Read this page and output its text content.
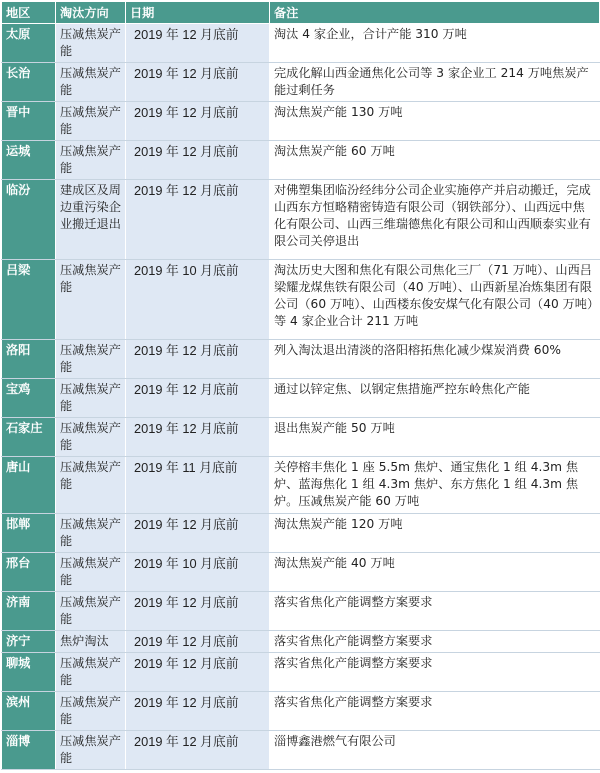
地区	淘汰方向	日期	备注
太原	压减焦炭产能	2019 年 12 月底前	淘汰 4 家企业，合计产能 310 万吨
长治	压减焦炭产能	2019 年 12 月底前	完成化解山西金通焦化公司等 3 家企业工 214 万吨焦炭产能过剩任务
晋中	压减焦炭产能	2019 年 12 月底前	淘汰焦炭产能 130 万吨
运城	压减焦炭产能	2019 年 12 月底前	淘汰焦炭产能 60 万吨
临汾	建成区及周边重污染企业搬迁退出	2019 年 12 月底前	对佛塑集团临汾经纬分公司企业实施停产并启动搬迁，完成山西东方恒略精密铸造有限公司（钢铁部分）、山西远中焦化有限公司、山西三维瑞德焦化有限公司和山西顺泰实业有限公司关停退出
吕梁	压减焦炭产能	2019 年 10 月底前	淘汰历史大图和焦化有限公司焦化三厂（71 万吨）、山西吕梁耀龙煤焦铁有限公司（40 万吨）、山西新星冶炼集团有限公司（60 万吨）、山西楼东俊安煤气化有限公司（40 万吨）等 4 家企业合计 211 万吨
洛阳	压减焦炭产能	2019 年 12 月底前	列入淘汰退出清淡的洛阳榕拓焦化减少煤炭消费 60%
宝鸡	压减焦炭产能	2019 年 12 月底前	通过以锌定焦、以钢定焦措施严控东岭焦化产能
石家庄	压减焦炭产能	2019 年 12 月底前	退出焦炭产能 50 万吨
唐山	压减焦炭产能	2019 年 11 月底前	关停榕丰焦化 1 座 5.5m 焦炉、通宝焦化 1 组 4.3m 焦炉、蓝海焦化 1 组 4.3m 焦炉、东方焦化 1 组 4.3m 焦炉。压减焦炭产能 60 万吨
邯郸	压减焦炭产能	2019 年 12 月底前	淘汰焦炭产能 120 万吨
邢台	压减焦炭产能	2019 年 10 月底前	淘汰焦炭产能 40 万吨
济南	压减焦炭产能	2019 年 12 月底前	落实省焦化产能调整方案要求
济宁	焦炉淘汰	2019 年 12 月底前	落实省焦化产能调整方案要求
聊城	压减焦炭产能	2019 年 12 月底前	落实省焦化产能调整方案要求
滨州	压减焦炭产能	2019 年 12 月底前	落实省焦化产能调整方案要求
淄博	压减焦炭产能	2019 年 12 月底前	淄博鑫港燃气有限公司
